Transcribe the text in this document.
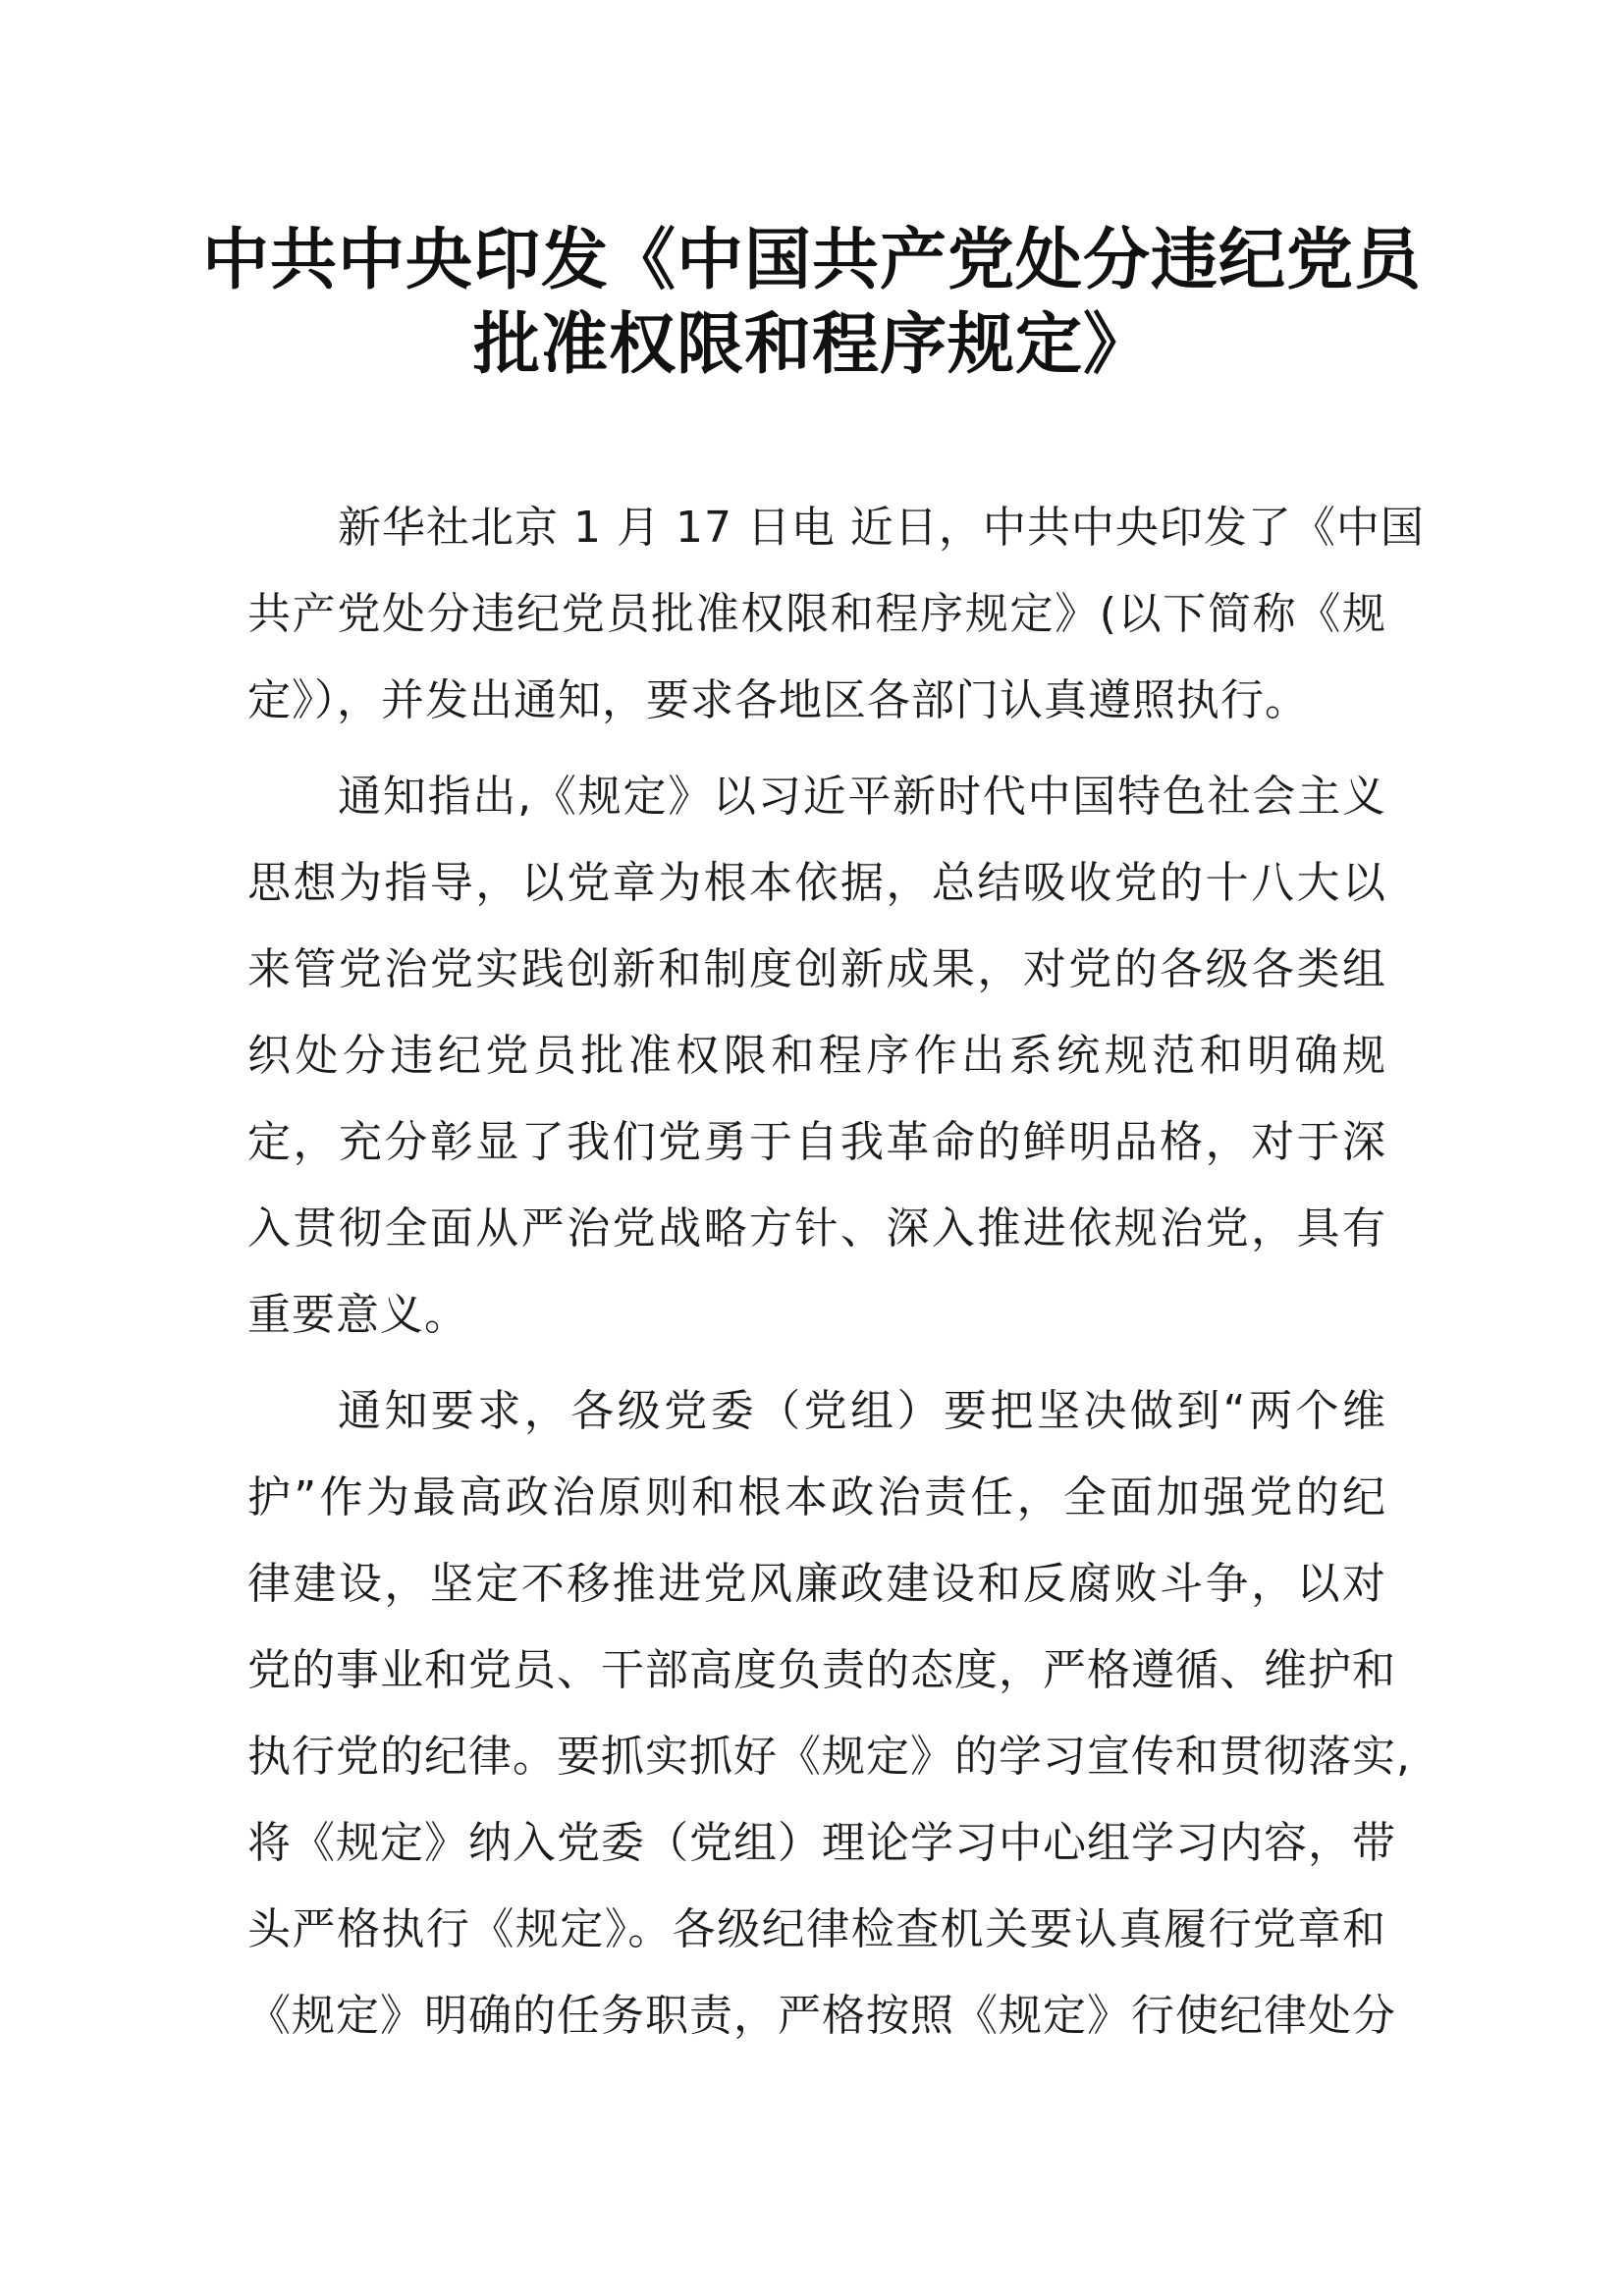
中共中央印发《中国共产党处分违纪党员
批准权限和程序规定》
新华社北京 1 月 17 日电 近日，中共中央印发了《中国
共产党处分违纪党员批准权限和程序规定》(以下简称《规
定》），并发出通知，要求各地区各部门认真遵照执行。
通知指出,《规定》以习近平新时代中国特色社会主义
思想为指导，以党章为根本依据，总结吸收党的十八大以
来管党治党实践创新和制度创新成果，对党的各级各类组
织处分违纪党员批准权限和程序作出系统规范和明确规
定，充分彰显了我们党勇于自我革命的鲜明品格，对于深
入贯彻全面从严治党战略方针、深入推进依规治党，具有
重要意义。
通知要求，各级党委（党组）要把坚决做到“两个维
护”作为最高政治原则和根本政治责任，全面加强党的纪
律建设，坚定不移推进党风廉政建设和反腐败斗争，以对
党的事业和党员、干部高度负责的态度，严格遵循、维护和
执行党的纪律。要抓实抓好《规定》的学习宣传和贯彻落实,
将《规定》纳入党委（党组）理论学习中心组学习内容，带
头严格执行《规定》。各级纪律检查机关要认真履行党章和
《规定》明确的任务职责，严格按照《规定》行使纪律处分
